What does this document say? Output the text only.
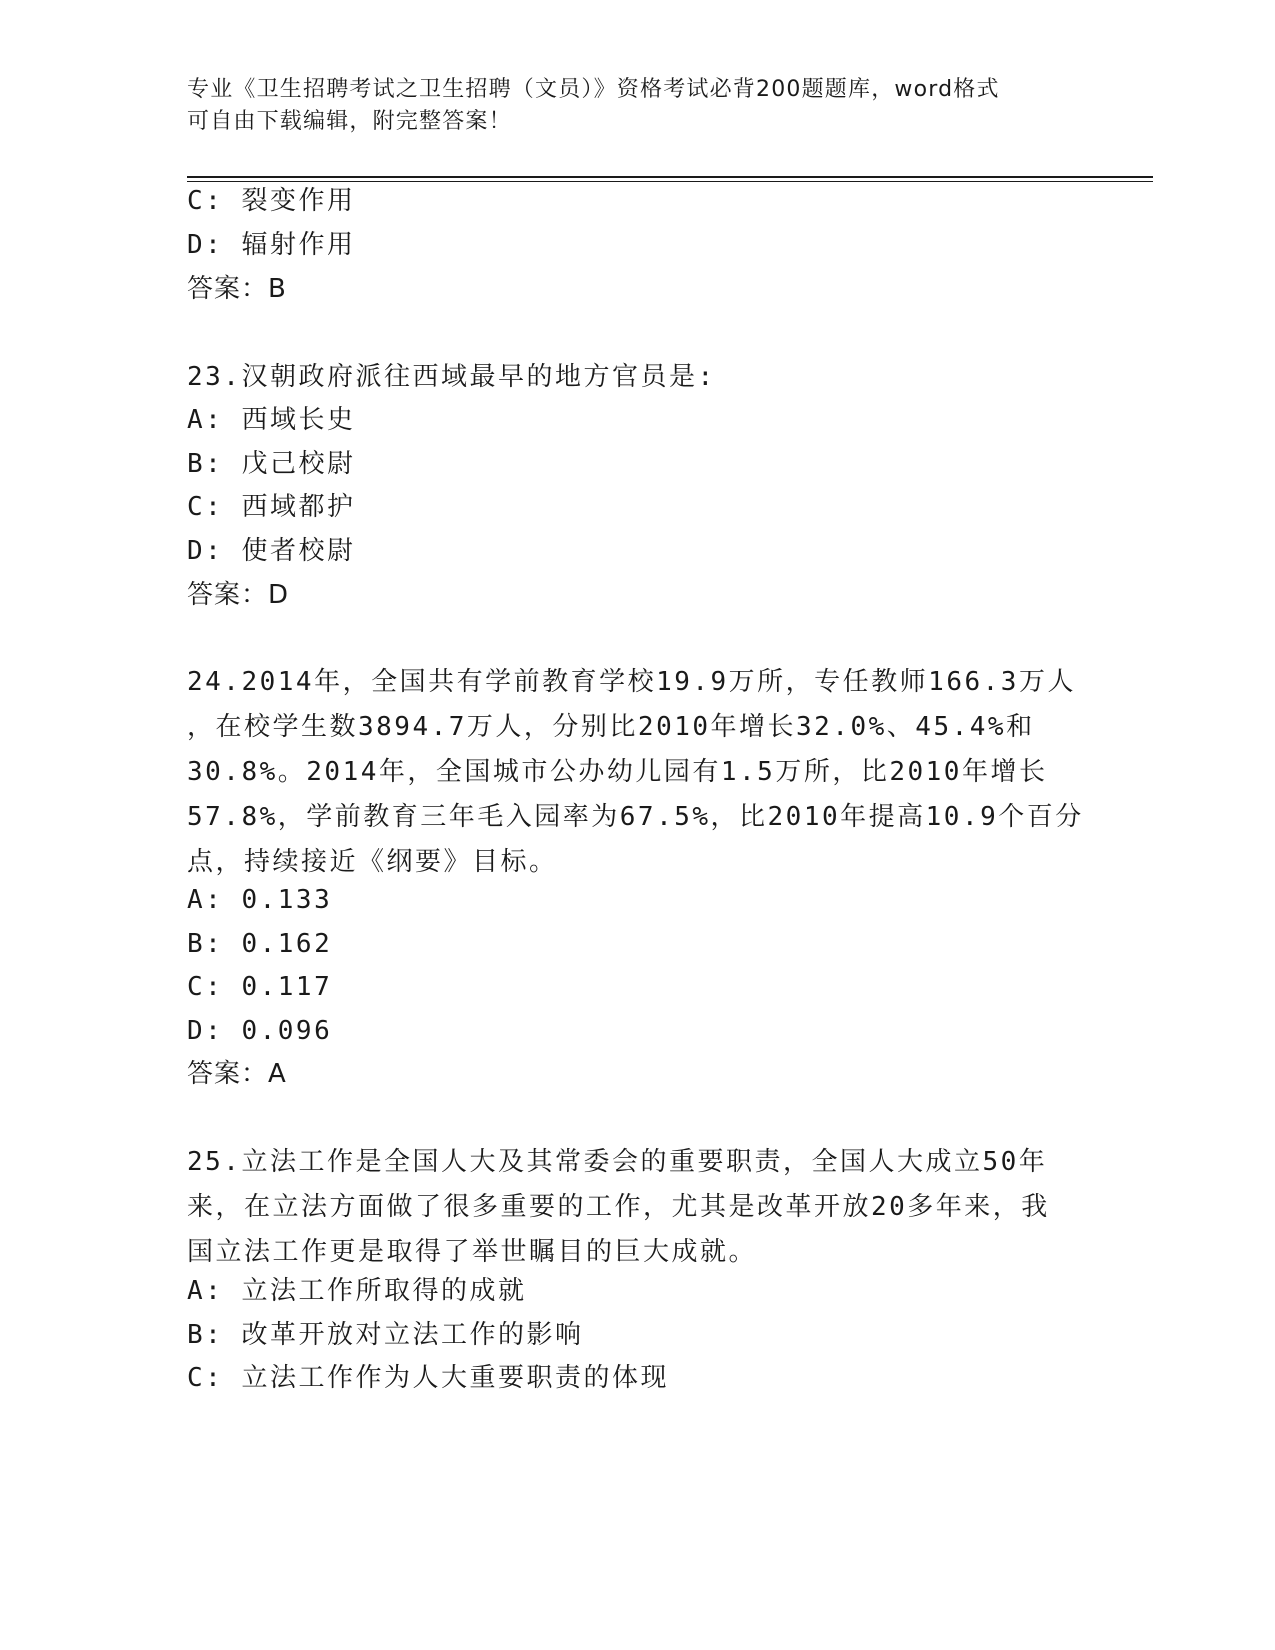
专业《卫生招聘考试之卫生招聘（文员）》资格考试必背200题题库，word格式
可自由下载编辑，附完整答案！
C: 裂变作用
D: 辐射作用
答案：B
23.汉朝政府派往西域最早的地方官员是:
A: 西域长史
B: 戊己校尉
C: 西域都护
D: 使者校尉
答案：D
24.2014年，全国共有学前教育学校19.9万所，专任教师166.3万人
，在校学生数3894.7万人，分别比2010年增长32.0%、45.4%和
30.8%。2014年，全国城市公办幼儿园有1.5万所，比2010年增长
57.8%，学前教育三年毛入园率为67.5%，比2010年提高10.9个百分
点，持续接近《纲要》目标。
A: 0.133
B: 0.162
C: 0.117
D: 0.096
答案：A
25.立法工作是全国人大及其常委会的重要职责，全国人大成立50年
来，在立法方面做了很多重要的工作，尤其是改革开放20多年来，我
国立法工作更是取得了举世瞩目的巨大成就。
A: 立法工作所取得的成就
B: 改革开放对立法工作的影响
C: 立法工作作为人大重要职责的体现
